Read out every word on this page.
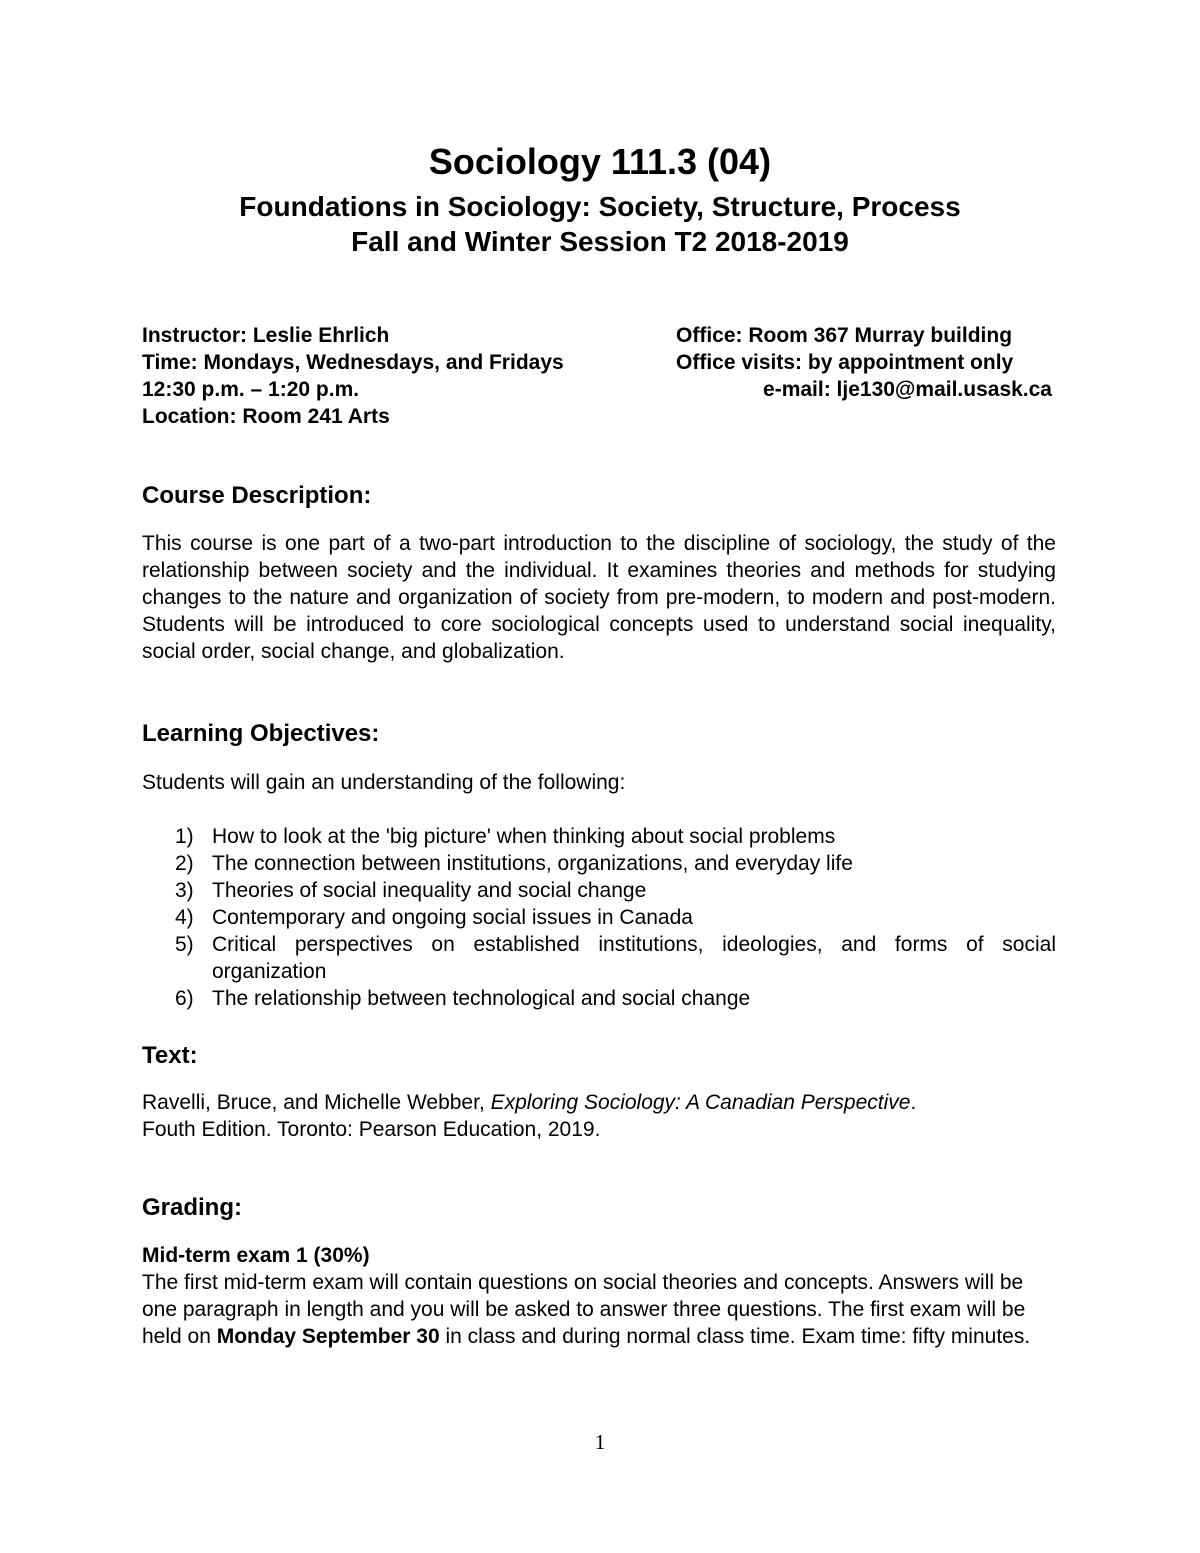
Sociology 111.3 (04)
Foundations in Sociology: Society, Structure, Process
Fall and Winter Session T2 2018-2019
Instructor: Leslie Ehrlich
Time: Mondays, Wednesdays, and Fridays
12:30 p.m. – 1:20 p.m.
Location: Room 241 Arts
Office: Room 367 Murray building
Office visits: by appointment only
e-mail: lje130@mail.usask.ca
Course Description:
This course is one part of a two-part introduction to the discipline of sociology, the study of the relationship between society and the individual. It examines theories and methods for studying changes to the nature and organization of society from pre-modern, to modern and post-modern. Students will be introduced to core sociological concepts used to understand social inequality, social order, social change, and globalization.
Learning Objectives:
Students will gain an understanding of the following:
1) How to look at the 'big picture' when thinking about social problems
2) The connection between institutions, organizations, and everyday life
3) Theories of social inequality and social change
4) Contemporary and ongoing social issues in Canada
5) Critical perspectives on established institutions, ideologies, and forms of social organization
6) The relationship between technological and social change
Text:
Ravelli, Bruce, and Michelle Webber, Exploring Sociology: A Canadian Perspective.
Fouth Edition. Toronto: Pearson Education, 2019.
Grading:
Mid-term exam 1 (30%)
The first mid-term exam will contain questions on social theories and concepts. Answers will be one paragraph in length and you will be asked to answer three questions. The first exam will be held on Monday September 30 in class and during normal class time. Exam time: fifty minutes.
1
